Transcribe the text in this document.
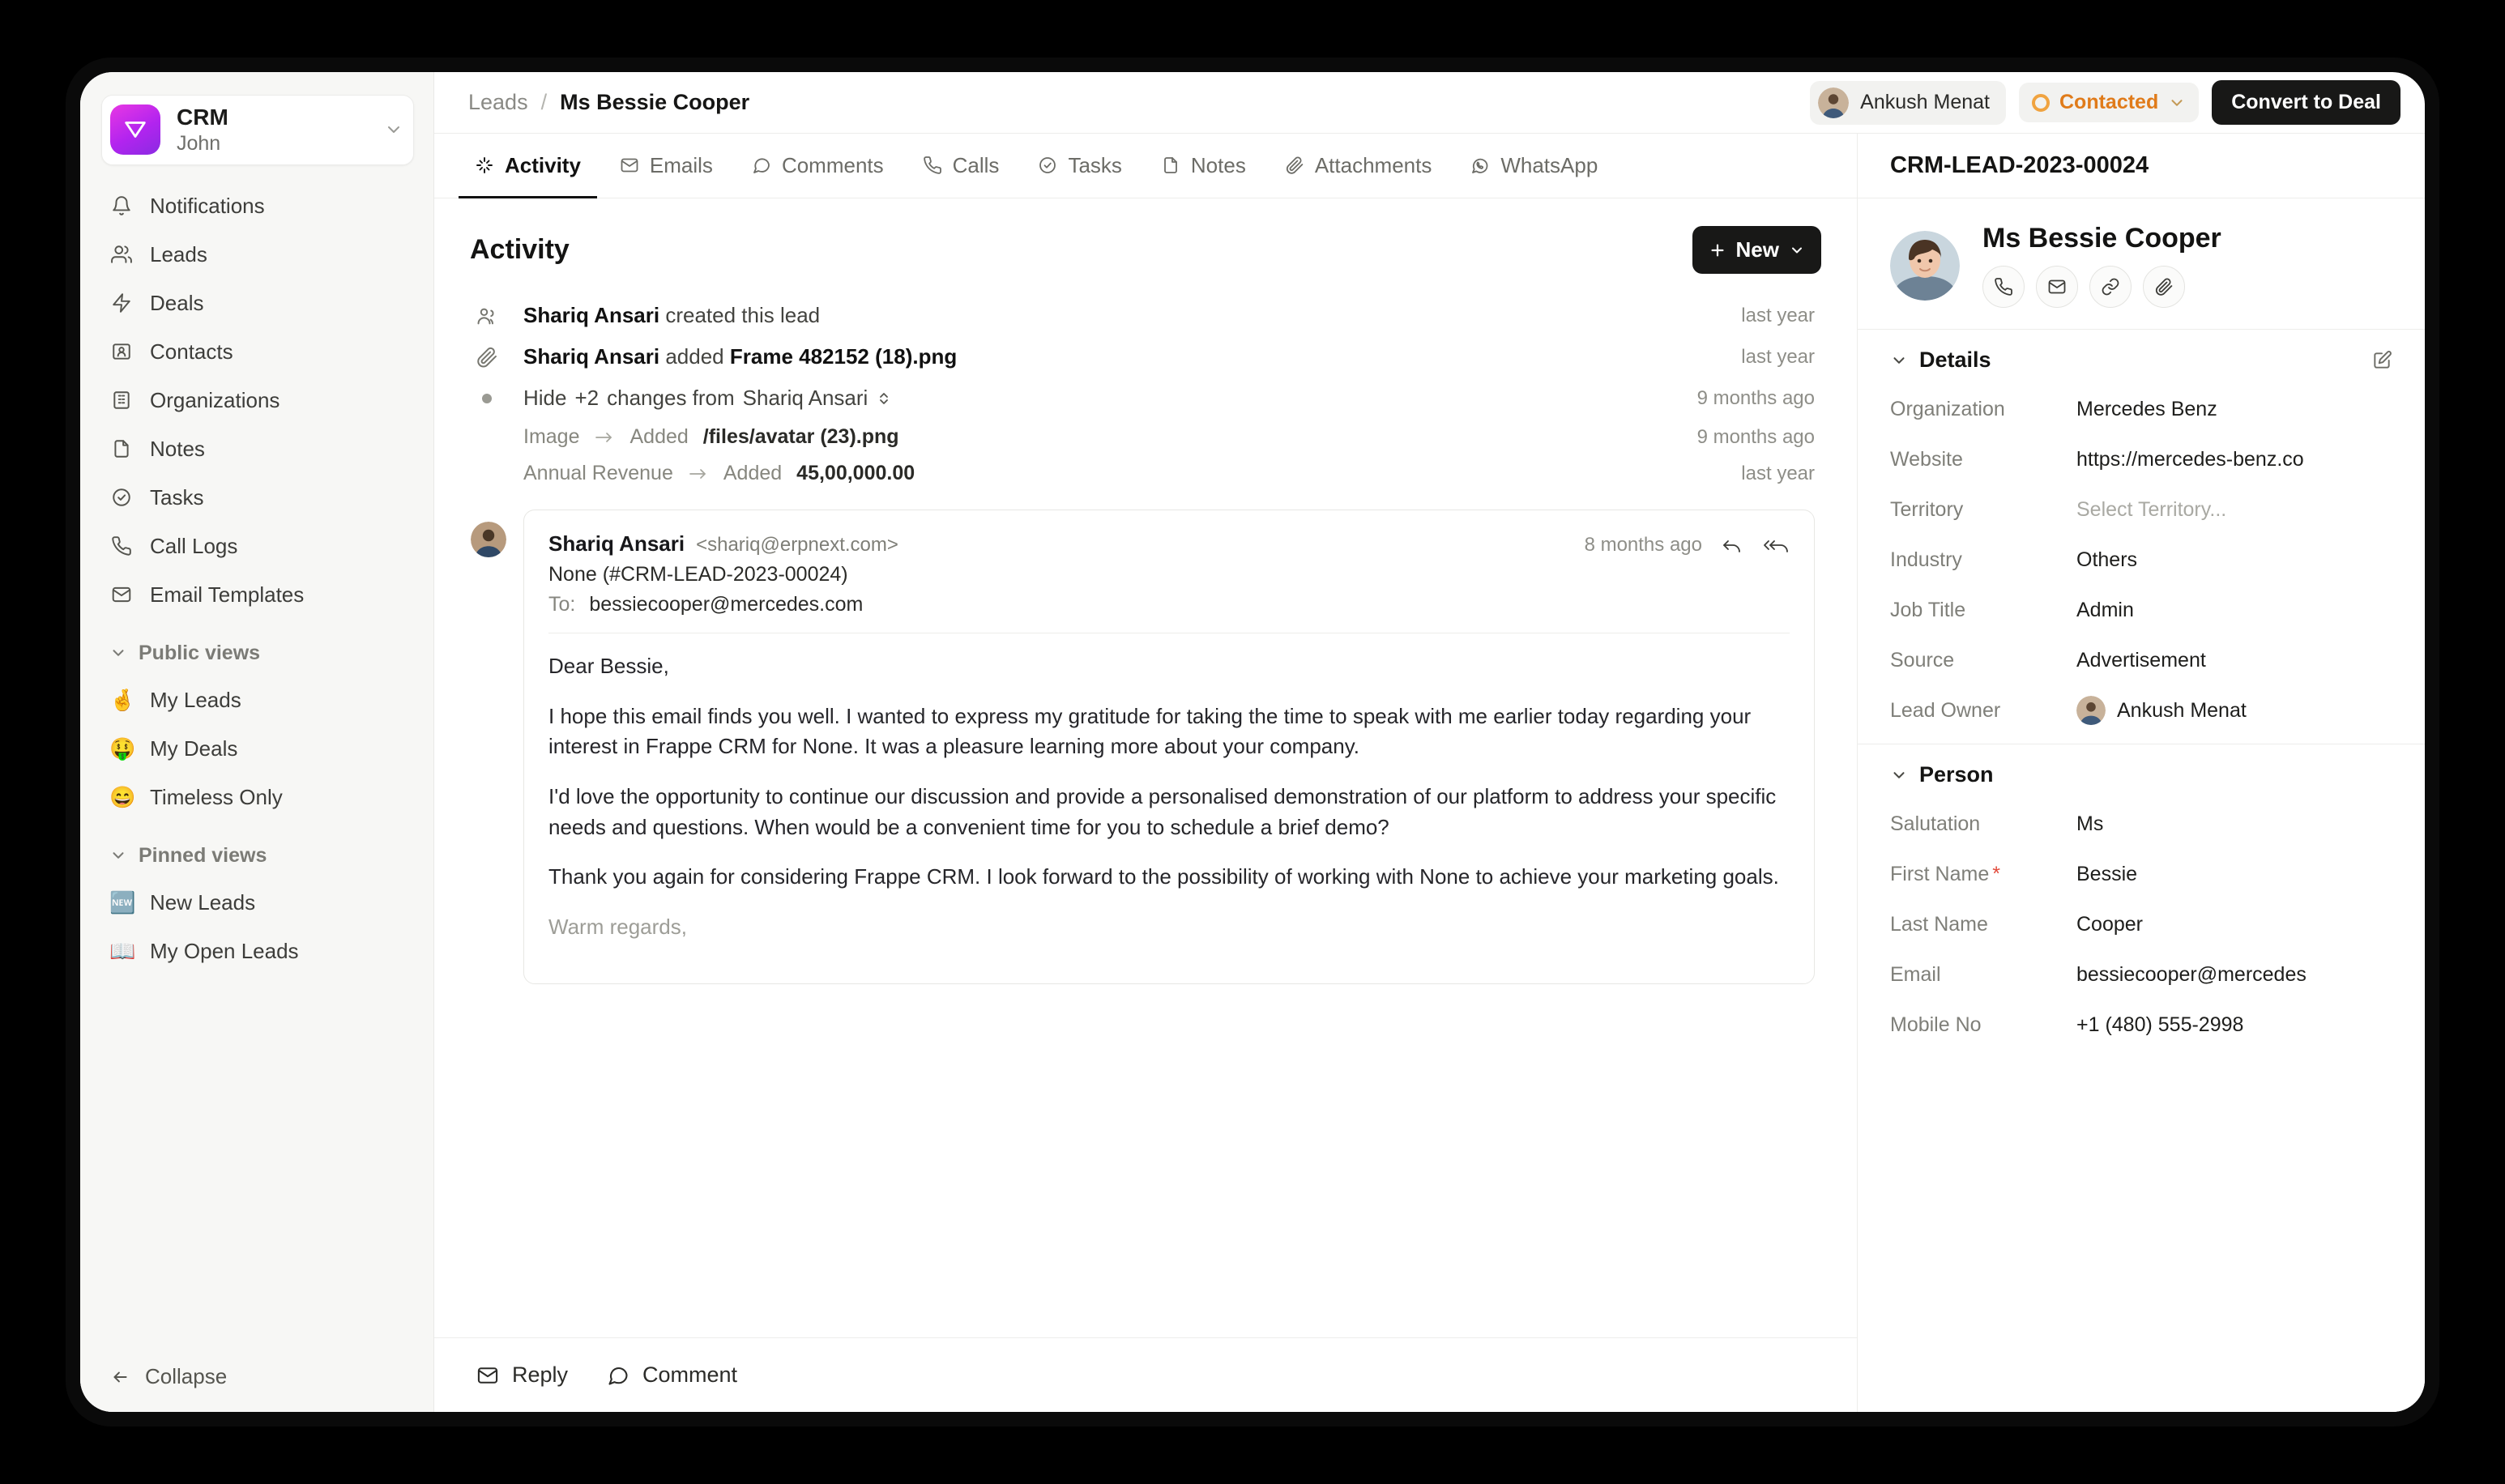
CRM
John
Notifications
Leads
Deals
Contacts
Organizations
Notes
Tasks
Call Logs
Email Templates
Public views
🤞 My Leads
🤑 My Deals
😄 Timeless Only
Pinned views
🆕 New Leads
📖 My Open Leads
Collapse
Leads / Ms Bessie Cooper	Ankush Menat	Contacted	Convert to Deal
Activity	Emails	Comments	Calls	Tasks	Notes	Attachments	WhatsApp
Activity	New
Shariq Ansari created this lead	last year
Shariq Ansari added Frame 482152 (18).png	last year
Hide +2 changes from Shariq Ansari	9 months ago
Image Added /files/avatar (23).png	9 months ago
Annual Revenue Added 45,00,000.00	last year
Shariq Ansari <shariq@erpnext.com>	8 months ago
None (#CRM-LEAD-2023-00024)
To: bessiecooper@mercedes.com

Dear Bessie,

I hope this email finds you well. I wanted to express my gratitude for taking the time to speak with me earlier today regarding your interest in Frappe CRM for None. It was a pleasure learning more about your company.

I'd love the opportunity to continue our discussion and provide a personalised demonstration of our platform to address your specific needs and questions. When would be a convenient time for you to schedule a brief demo?

Thank you again for considering Frappe CRM. I look forward to the possibility of working with None to achieve your marketing goals.

Warm regards,

Reply	Comment
CRM-LEAD-2023-00024
Ms Bessie Cooper
Details
Organization	Mercedes Benz
Website	https://mercedes-benz.co
Territory	Select Territory...
Industry	Others
Job Title	Admin
Source	Advertisement
Lead Owner	Ankush Menat
Person
Salutation	Ms
First Name *	Bessie
Last Name	Cooper
Email	bessiecooper@mercedes
Mobile No	+1 (480) 555-2998
